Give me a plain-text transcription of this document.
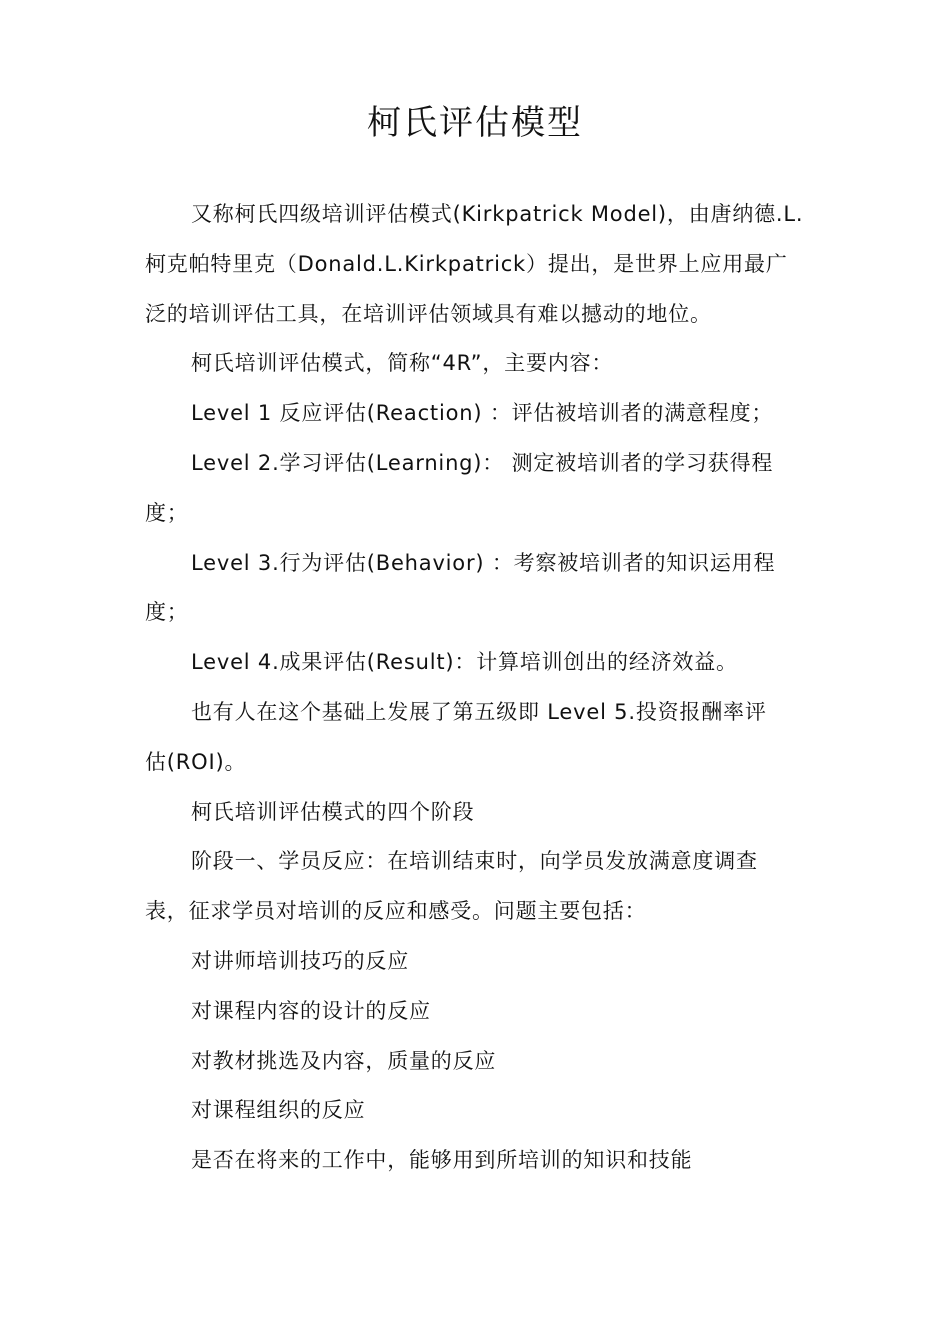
柯氏评估模型
又称柯氏四级培训评估模式(Kirkpatrick Model)，由唐纳德.L.
柯克帕特里克（Donald.L.Kirkpatrick）提出，是世界上应用最广
泛的培训评估工具，在培训评估领域具有难以撼动的地位。
柯氏培训评估模式，简称“4R”，主要内容：
Level 1 反应评估(Reaction) ：评估被培训者的满意程度；
Level 2.学习评估(Learning)： 测定被培训者的学习获得程
度；
Level 3.行为评估(Behavior) ：考察被培训者的知识运用程
度；
Level 4.成果评估(Result)：计算培训创出的经济效益。
也有人在这个基础上发展了第五级即 Level 5.投资报酬率评
估(ROI)。
柯氏培训评估模式的四个阶段
阶段一、学员反应：在培训结束时，向学员发放满意度调查
表，征求学员对培训的反应和感受。问题主要包括：
对讲师培训技巧的反应
对课程内容的设计的反应
对教材挑选及内容，质量的反应
对课程组织的反应
是否在将来的工作中，能够用到所培训的知识和技能
